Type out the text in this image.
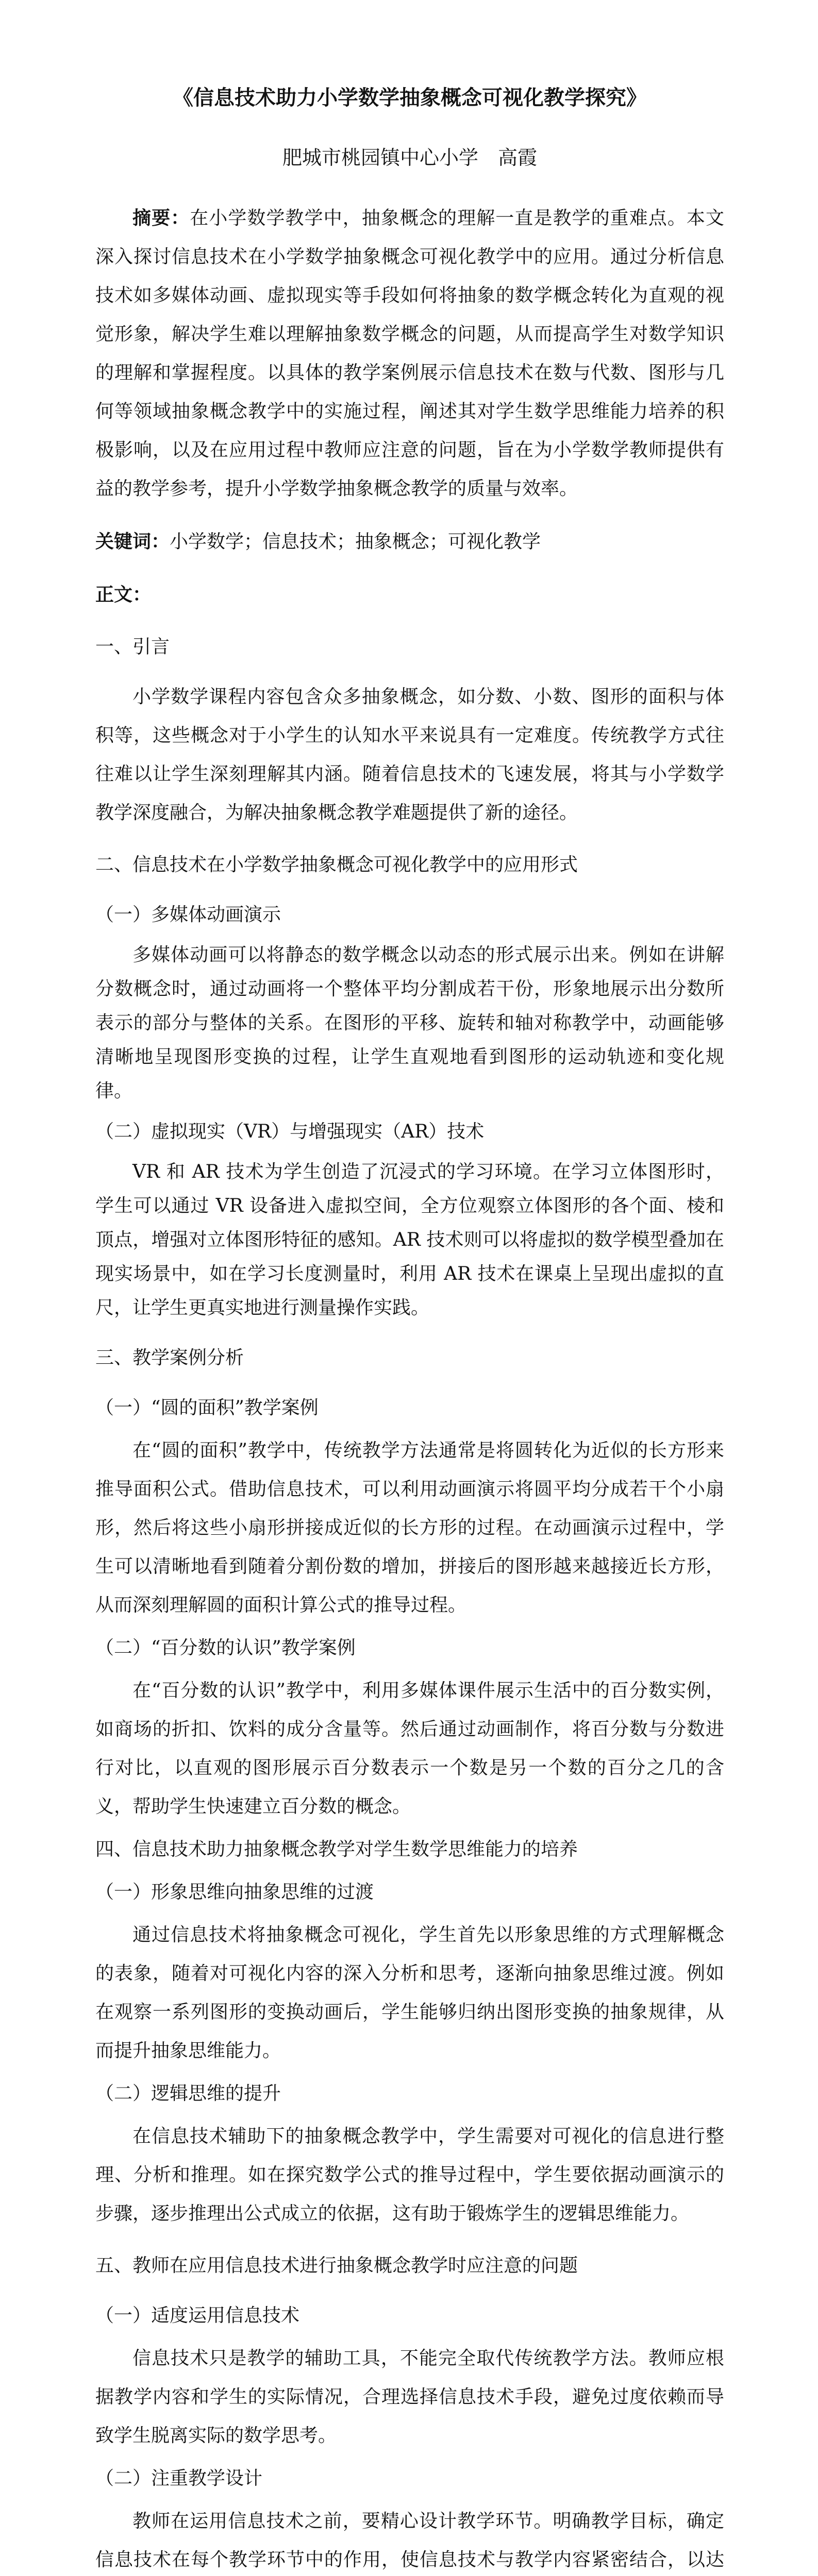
《信息技术助力小学数学抽象概念可视化教学探究》

肥城市桃园镇中心小学　高霞

摘要：在小学数学教学中，抽象概念的理解一直是教学的重难点。本文深入探讨信息技术在小学数学抽象概念可视化教学中的应用。通过分析信息技术如多媒体动画、虚拟现实等手段如何将抽象的数学概念转化为直观的视觉形象，解决学生难以理解抽象数学概念的问题，从而提高学生对数学知识的理解和掌握程度。以具体的教学案例展示信息技术在数与代数、图形与几何等领域抽象概念教学中的实施过程，阐述其对学生数学思维能力培养的积极影响，以及在应用过程中教师应注意的问题，旨在为小学数学教师提供有益的教学参考，提升小学数学抽象概念教学的质量与效率。

关键词：小学数学；信息技术；抽象概念；可视化教学

正文：

一、引言

小学数学课程内容包含众多抽象概念，如分数、小数、图形的面积与体积等，这些概念对于小学生的认知水平来说具有一定难度。传统教学方式往往难以让学生深刻理解其内涵。随着信息技术的飞速发展，将其与小学数学教学深度融合，为解决抽象概念教学难题提供了新的途径。

二、信息技术在小学数学抽象概念可视化教学中的应用形式

（一）多媒体动画演示

多媒体动画可以将静态的数学概念以动态的形式展示出来。例如在讲解分数概念时，通过动画将一个整体平均分割成若干份，形象地展示出分数所表示的部分与整体的关系。在图形的平移、旋转和轴对称教学中，动画能够清晰地呈现图形变换的过程，让学生直观地看到图形的运动轨迹和变化规律。

（二）虚拟现实（VR）与增强现实（AR）技术

VR 和 AR 技术为学生创造了沉浸式的学习环境。在学习立体图形时，学生可以通过 VR 设备进入虚拟空间，全方位观察立体图形的各个面、棱和顶点，增强对立体图形特征的感知。AR 技术则可以将虚拟的数学模型叠加在现实场景中，如在学习长度测量时，利用 AR 技术在课桌上呈现出虚拟的直尺，让学生更真实地进行测量操作实践。

三、教学案例分析

（一）“圆的面积”教学案例

在“圆的面积”教学中，传统教学方法通常是将圆转化为近似的长方形来推导面积公式。借助信息技术，可以利用动画演示将圆平均分成若干个小扇形，然后将这些小扇形拼接成近似的长方形的过程。在动画演示过程中，学生可以清晰地看到随着分割份数的增加，拼接后的图形越来越接近长方形，从而深刻理解圆的面积计算公式的推导过程。

（二）“百分数的认识”教学案例

在“百分数的认识”教学中，利用多媒体课件展示生活中的百分数实例，如商场的折扣、饮料的成分含量等。然后通过动画制作，将百分数与分数进行对比，以直观的图形展示百分数表示一个数是另一个数的百分之几的含义，帮助学生快速建立百分数的概念。

四、信息技术助力抽象概念教学对学生数学思维能力的培养

（一）形象思维向抽象思维的过渡

通过信息技术将抽象概念可视化，学生首先以形象思维的方式理解概念的表象，随着对可视化内容的深入分析和思考，逐渐向抽象思维过渡。例如在观察一系列图形的变换动画后，学生能够归纳出图形变换的抽象规律，从而提升抽象思维能力。

（二）逻辑思维的提升

在信息技术辅助下的抽象概念教学中，学生需要对可视化的信息进行整理、分析和推理。如在探究数学公式的推导过程中，学生要依据动画演示的步骤，逐步推理出公式成立的依据，这有助于锻炼学生的逻辑思维能力。

五、教师在应用信息技术进行抽象概念教学时应注意的问题

（一）适度运用信息技术

信息技术只是教学的辅助工具，不能完全取代传统教学方法。教师应根据教学内容和学生的实际情况，合理选择信息技术手段，避免过度依赖而导致学生脱离实际的数学思考。

（二）注重教学设计

教师在运用信息技术之前，要精心设计教学环节。明确教学目标，确定信息技术在每个教学环节中的作用，使信息技术与教学内容紧密结合，以达
